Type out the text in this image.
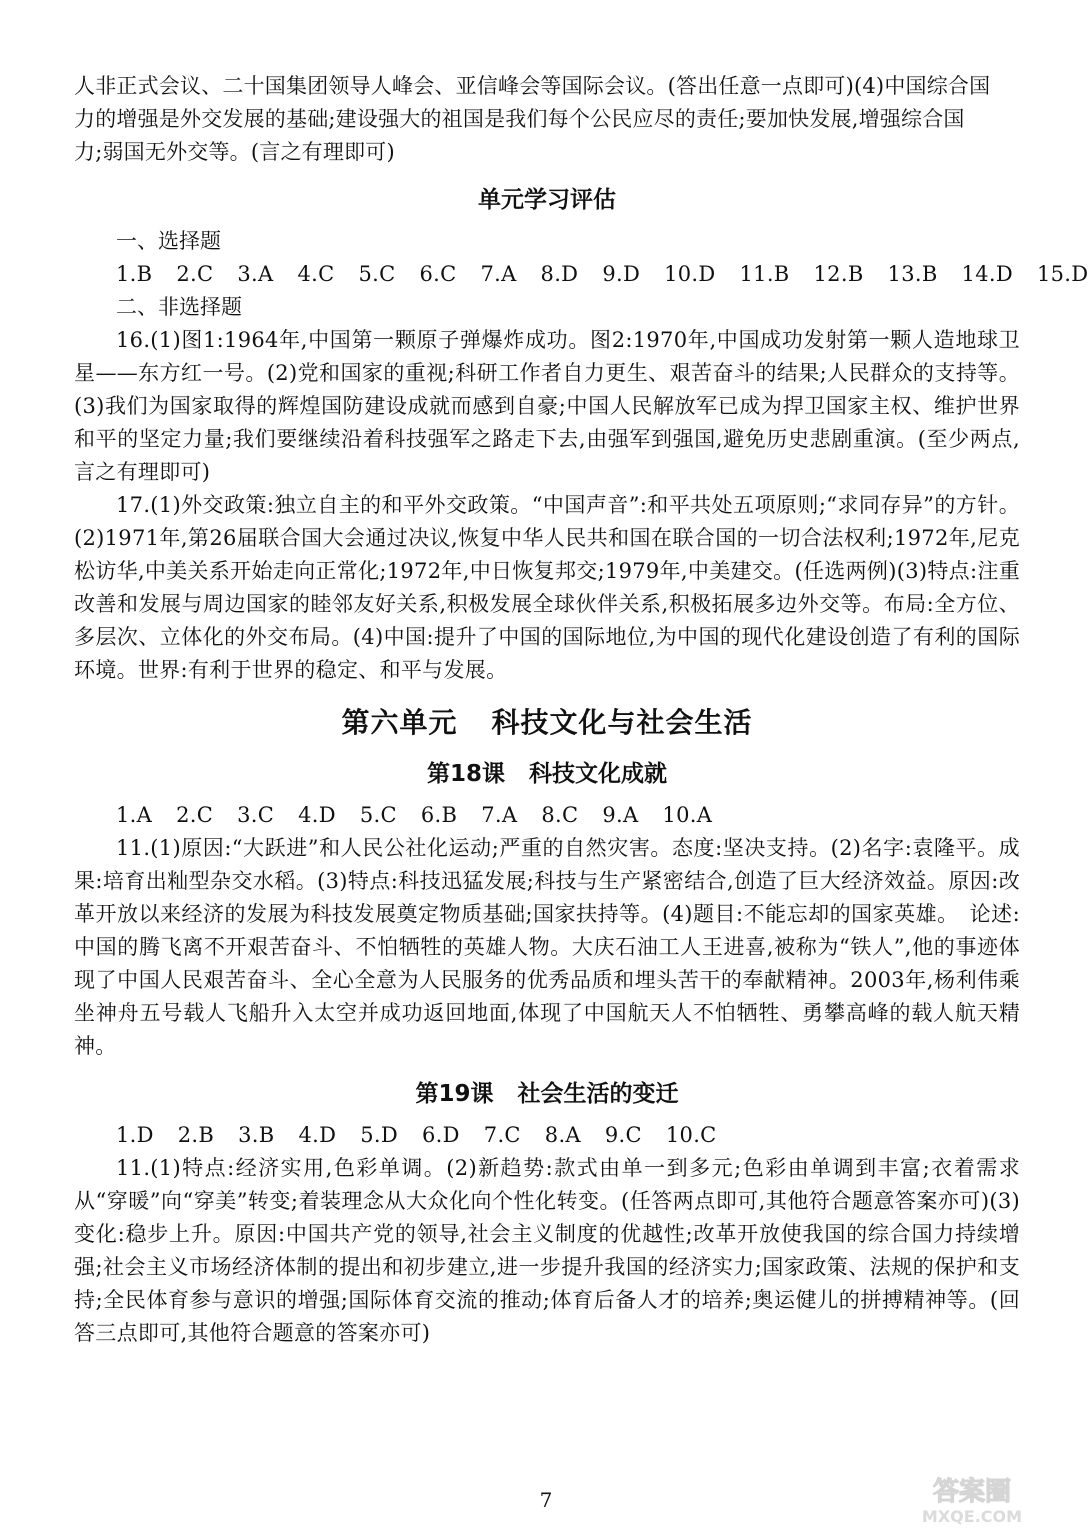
人非正式会议、二十国集团领导人峰会、亚信峰会等国际会议。(答出任意一点即可)(4)中国综合国
力的增强是外交发展的基础;建设强大的祖国是我们每个公民应尽的责任;要加快发展,增强综合国
力;弱国无外交等。(言之有理即可)
单元学习评估
一、选择题
1.B 2.C 3.A 4.C 5.C 6.C 7.A 8.D 9.D 10.D 11.B 12.B 13.B 14.D 15.D
二、非选择题
16.(1)图1:1964年,中国第一颗原子弹爆炸成功。图2:1970年,中国成功发射第一颗人造地球卫星——东方红一号。(2)党和国家的重视;科研工作者自力更生、艰苦奋斗的结果;人民群众的支持等。(3)我们为国家取得的辉煌国防建设成就而感到自豪;中国人民解放军已成为捍卫国家主权、维护世界和平的坚定力量;我们要继续沿着科技强军之路走下去,由强军到强国,避免历史悲剧重演。(至少两点,言之有理即可)
17.(1)外交政策:独立自主的和平外交政策。“中国声音”:和平共处五项原则;“求同存异”的方针。(2)1971年,第26届联合国大会通过决议,恢复中华人民共和国在联合国的一切合法权利;1972年,尼克松访华,中美关系开始走向正常化;1972年,中日恢复邦交;1979年,中美建交。(任选两例)(3)特点:注重改善和发展与周边国家的睦邻友好关系,积极发展全球伙伴关系,积极拓展多边外交等。布局:全方位、多层次、立体化的外交布局。(4)中国:提升了中国的国际地位,为中国的现代化建设创造了有利的国际环境。世界:有利于世界的稳定、和平与发展。
第六单元 科技文化与社会生活
第18课 科技文化成就
1.A 2.C 3.C 4.D 5.C 6.B 7.A 8.C 9.A 10.A
11.(1)原因:“大跃进”和人民公社化运动;严重的自然灾害。态度:坚决支持。(2)名字:袁隆平。成果:培育出籼型杂交水稻。(3)特点:科技迅猛发展;科技与生产紧密结合,创造了巨大经济效益。原因:改革开放以来经济的发展为科技发展奠定物质基础;国家扶持等。(4)题目:不能忘却的国家英雄。　论述:中国的腾飞离不开艰苦奋斗、不怕牺牲的英雄人物。大庆石油工人王进喜,被称为“铁人”,他的事迹体现了中国人民艰苦奋斗、全心全意为人民服务的优秀品质和埋头苦干的奉献精神。2003年,杨利伟乘坐神舟五号载人飞船升入太空并成功返回地面,体现了中国航天人不怕牺牲、勇攀高峰的载人航天精神。
第19课 社会生活的变迁
1.D 2.B 3.B 4.D 5.D 6.D 7.C 8.A 9.C 10.C
11.(1)特点:经济实用,色彩单调。(2)新趋势:款式由单一到多元;色彩由单调到丰富;衣着需求从“穿暖”向“穿美”转变;着装理念从大众化向个性化转变。(任答两点即可,其他符合题意答案亦可)(3)变化:稳步上升。原因:中国共产党的领导,社会主义制度的优越性;改革开放使我国的综合国力持续增强;社会主义市场经济体制的提出和初步建立,进一步提升我国的经济实力;国家政策、法规的保护和支持;全民体育参与意识的增强;国际体育交流的推动;体育后备人才的培养;奥运健儿的拼搏精神等。(回答三点即可,其他符合题意的答案亦可)
7	答案圈
MXQE.COM
